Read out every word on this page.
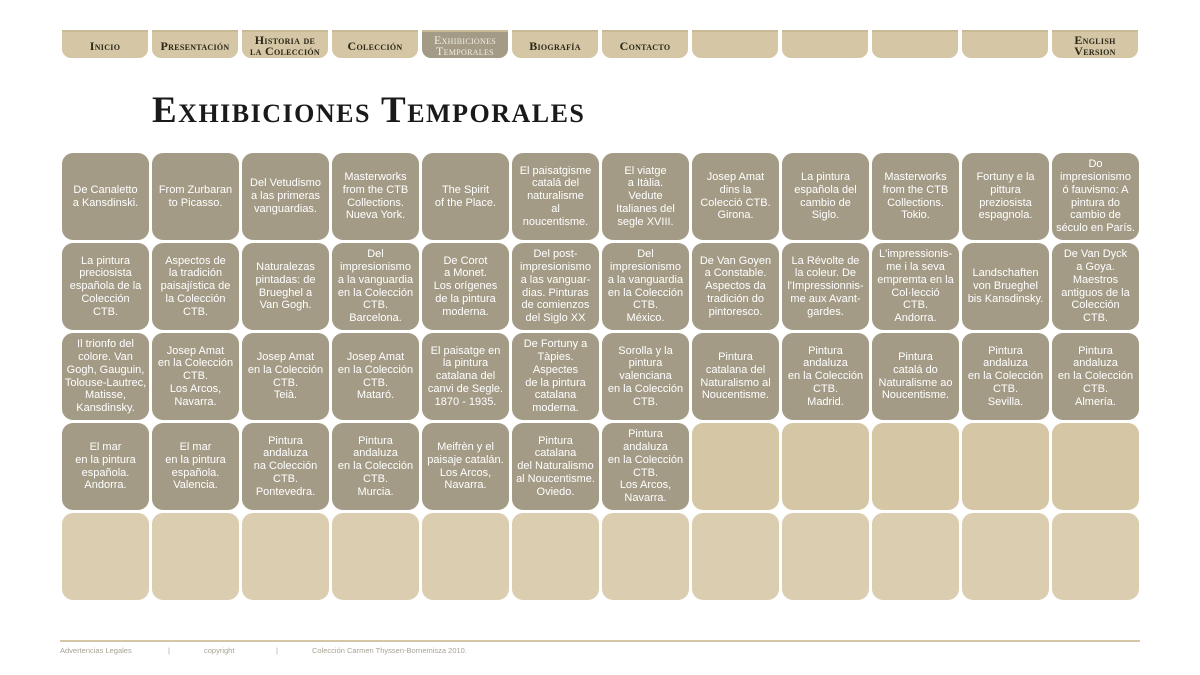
Inicio	Presentación	Historia de
la Colección	Colección	Exhibiciones
Temporales	Biografía	Contacto	English
Version
Exhibiciones Temporales
De Canaletto
a Kansdinski.
From Zurbaran
to Picasso.
Del Vetudismo
a las primeras
vanguardias.
Masterworks
from the CTB
Collections.
Nueva York.
The Spirit
of the Place.
El paisatgisme
catalá del
naturalisme
al
noucentisme.
El viatge
a Itàlia.
Vedute
Italianes del
segle XVIII.
Josep Amat
dins la
Colecció CTB.
Girona.
La pintura
española del
cambio de
Siglo.
Masterworks
from the CTB
Collections.
Tokio.
Fortuny e la
pittura
preziosista
espagnola.
Do
impresionismo
ó fauvismo: A
pintura do
cambio de
século en París.
La pintura
preciosista
española de la
Colección
CTB.
Aspectos de
la tradición
paisajística de
la Colección
CTB.
Naturalezas
pintadas: de
Brueghel a
Van Gogh.
Del
impresionismo
a la vanguardia
en la Colección
CTB.
Barcelona.
De Corot
a Monet.
Los orígenes
de la pintura
moderna.
Del post-
impresionismo
a las vanguar-
dias. Pinturas
de comienzos
del Siglo XX
Del
impresionismo
a la vanguardia
en la Colección
CTB.
México.
De Van Goyen
a Constable.
Aspectos da
tradición do
pintoresco.
La Révolte de
la coleur. De
l'Impressionnis-
me aux Avant-
gardes.
L'impressionis-
me i la seva
empremta en la
Col·lecció
CTB.
Andorra.
Landschaften
von Brueghel
bis Kansdinsky.
De Van Dyck
a Goya.
Maestros
antiguos de la
Colección
CTB.
Il trionfo del
colore. Van
Gogh, Gauguin,
Tolouse-Lautrec,
Matisse,
Kansdinsky.
Josep Amat
en la Colección
CTB.
Los Arcos,
Navarra.
Josep Amat
en la Colección
CTB.
Teià.
Josep Amat
en la Colección
CTB.
Mataró.
El paisatge en
la pintura
catalana del
canvi de Segle.
1870 - 1935.
De Fortuny a
Tàpies.
Aspectes
de la pintura
catalana
moderna.
Sorolla y la
pintura
valenciana
en la Colección
CTB.
Pintura
catalana del
Naturalismo al
Noucentisme.
Pintura
andaluza
en la Colección
CTB.
Madrid.
Pintura
catalá do
Naturalisme ao
Noucentisme.
Pintura
andaluza
en la Colección
CTB.
Sevilla.
Pintura
andaluza
en la Colección
CTB.
Almería.
El mar
en la pintura
española.
Andorra.
El mar
en la pintura
española.
Valencia.
Pintura
andaluza
na Colección
CTB.
Pontevedra.
Pintura
andaluza
en la Colección
CTB.
Murcia.
Meifrèn y el
paisaje catalán.
Los Arcos,
Navarra.
Pintura
catalana
del Naturalismo
al Noucentisme.
Oviedo.
Pintura
andaluza
en la Colección
CTB.
Los Arcos,
Navarra.
Advertencias Legales	|	copyright	|	Colección Carmen Thyssen-Bornemisza 2010.
